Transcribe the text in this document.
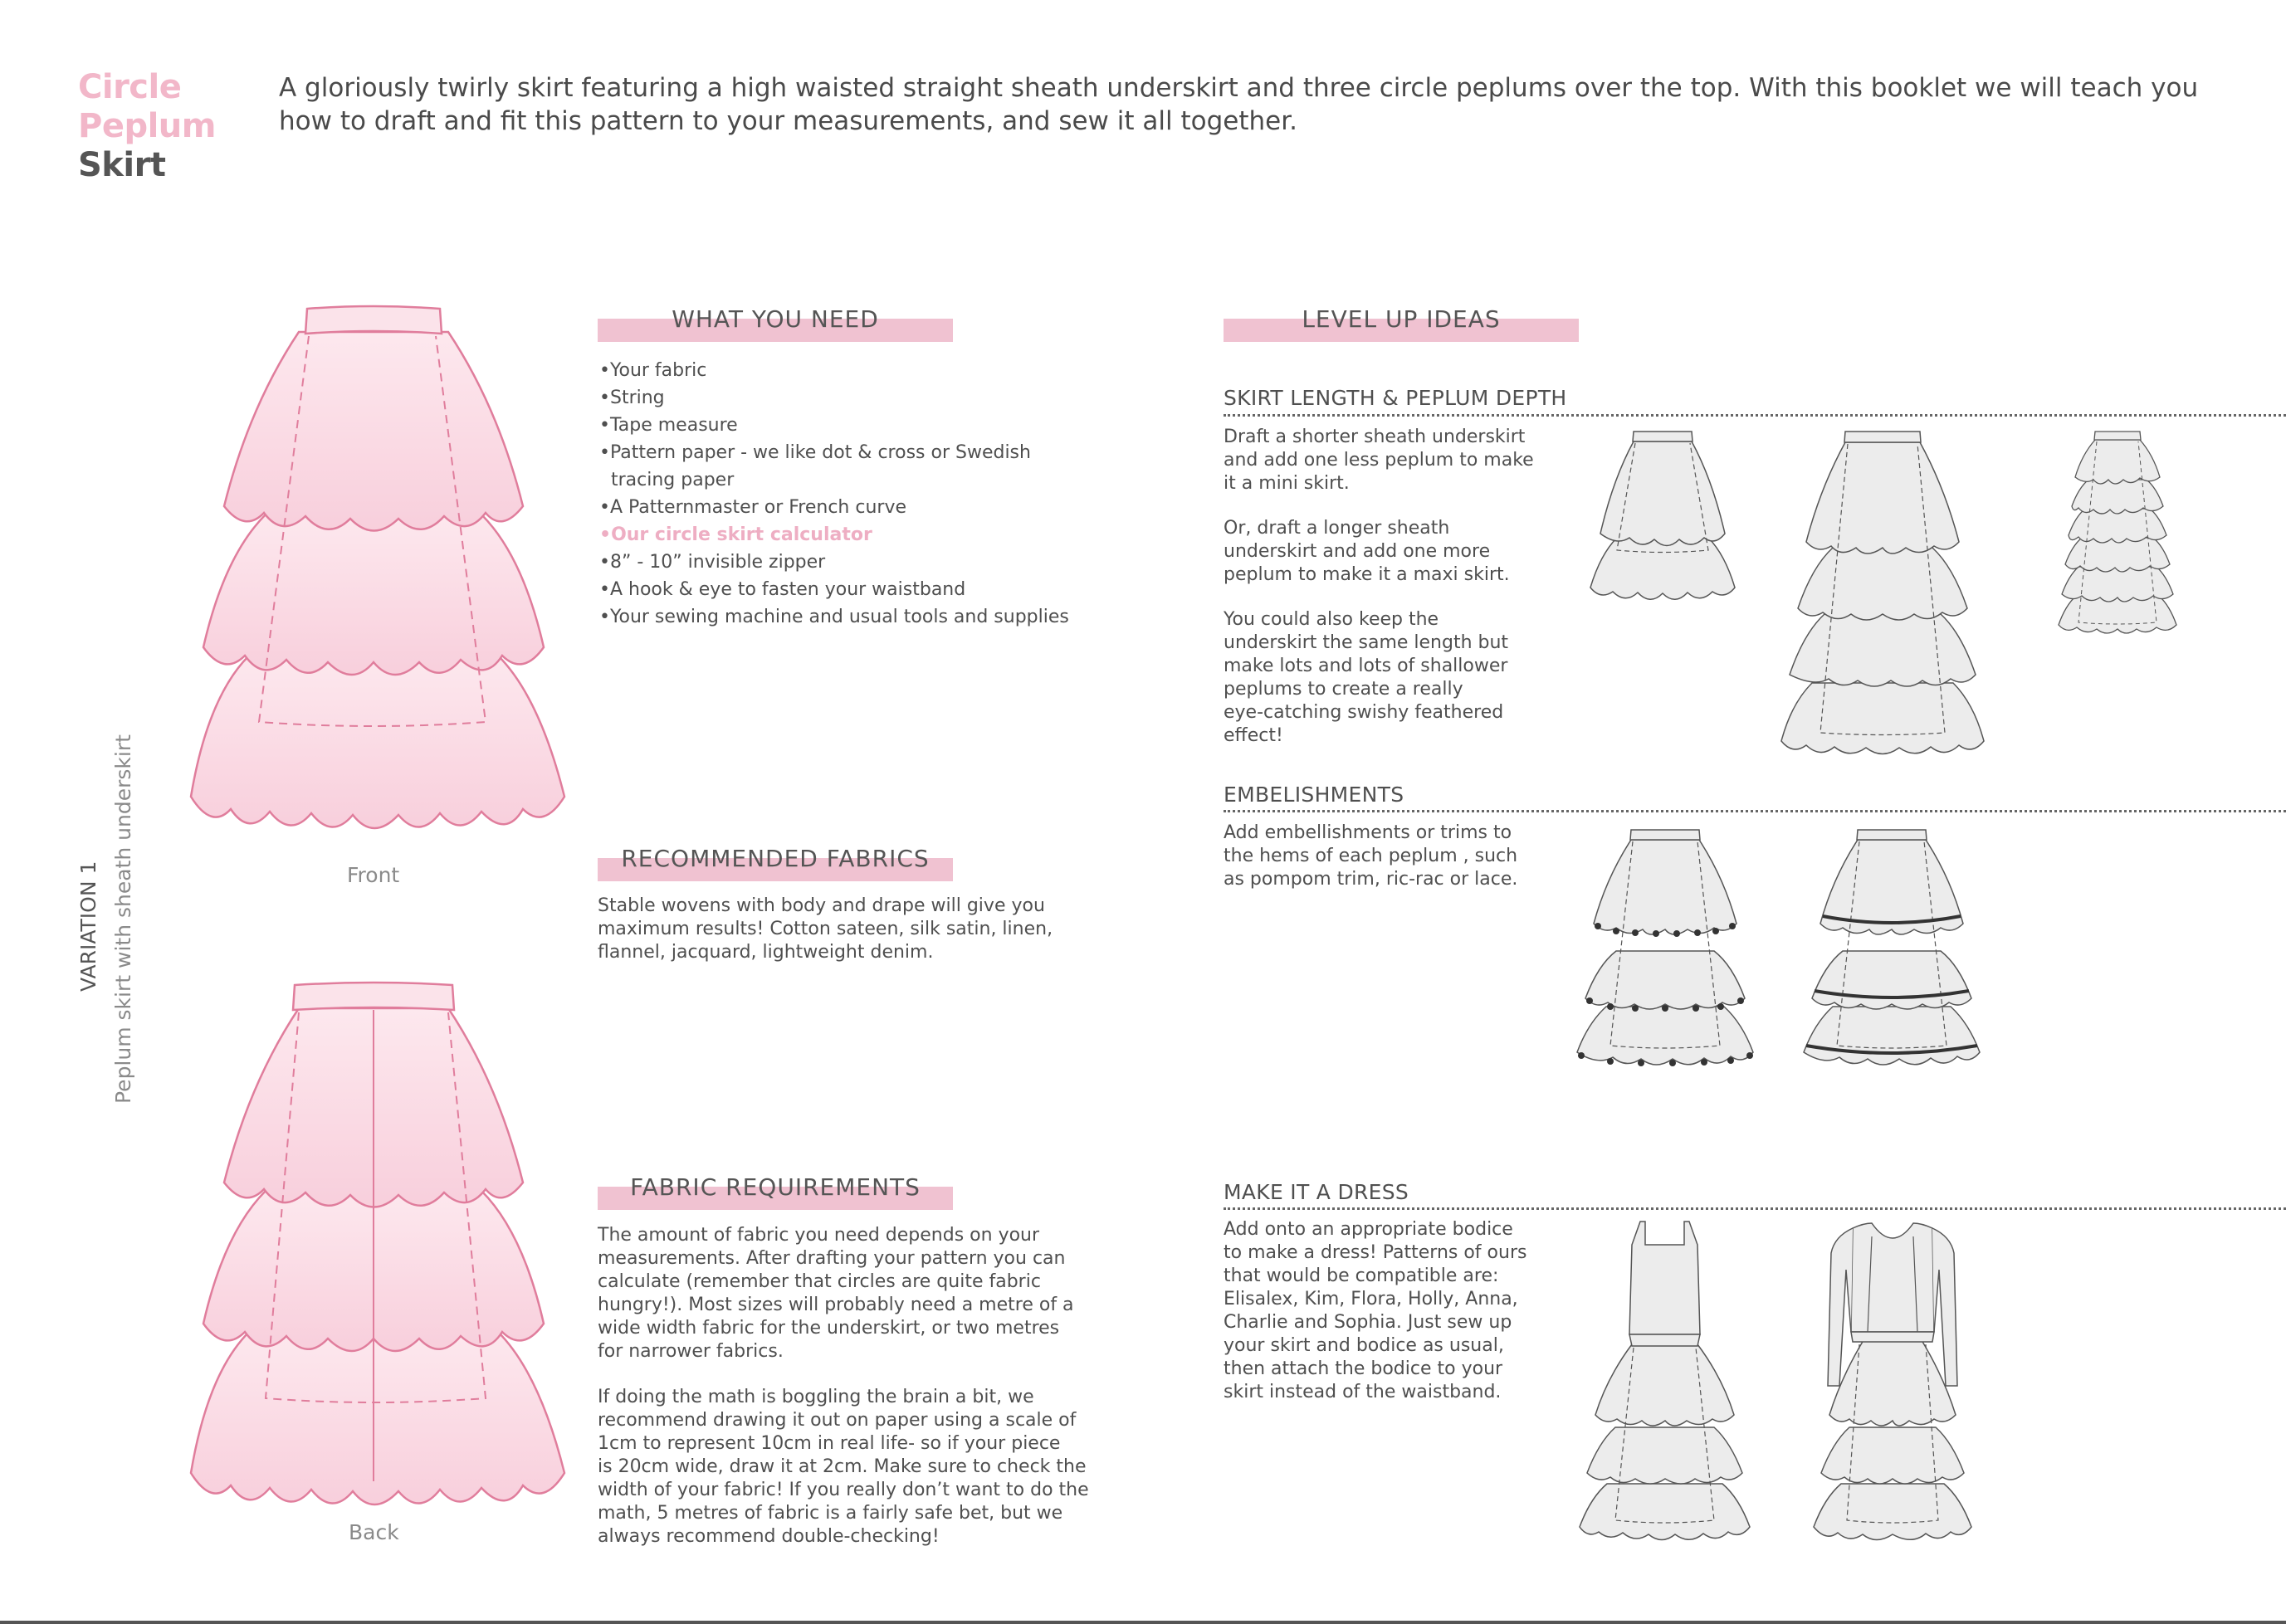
Circle
Peplum
Skirt
A gloriously twirly skirt featuring a high waisted straight sheath underskirt and three circle peplums over the top. With this booklet we will teach you how to draft and fit this pattern to your measurements, and sew it all together.
VARIATION 1 Peplum skirt with sheath underskirt	Front
Back
WHAT YOU NEED
•Your fabric
•String
•Tape measure
•Pattern paper - we like dot & cross or Swedish
tracing paper
•A Patternmaster or French curve
•Our circle skirt calculator
•8” - 10” invisible zipper
•A hook & eye to fasten your waistband
•Your sewing machine and usual tools and supplies
RECOMMENDED FABRICS
Stable wovens with body and drape will give you
maximum results! Cotton sateen, silk satin, linen,
flannel, jacquard, lightweight denim.
FABRIC REQUIREMENTS
The amount of fabric you need depends on your
measurements. After drafting your pattern you can
calculate (remember that circles are quite fabric
hungry!). Most sizes will probably need a metre of a
wide width fabric for the underskirt, or two metres
for narrower fabrics.
If doing the math is boggling the brain a bit, we
recommend drawing it out on paper using a scale of
1cm to represent 10cm in real life- so if your piece
is 20cm wide, draw it at 2cm. Make sure to check the
width of your fabric! If you really don’t want to do the
math, 5 metres of fabric is a fairly safe bet, but we
always recommend double-checking!
LEVEL UP IDEAS
SKIRT LENGTH & PEPLUM DEPTH
Draft a shorter sheath underskirt
and add one less peplum to make
it a mini skirt.
Or, draft a longer sheath
underskirt and add one more
peplum to make it a maxi skirt.
You could also keep the
underskirt the same length but
make lots and lots of shallower
peplums to create a really
eye-catching swishy feathered
effect!
EMBELISHMENTS
Add embellishments or trims to
the hems of each peplum , such
as pompom trim, ric-rac or lace.
MAKE IT A DRESS
Add onto an appropriate bodice
to make a dress! Patterns of ours
that would be compatible are:
Elisalex, Kim, Flora, Holly, Anna,
Charlie and Sophia. Just sew up
your skirt and bodice as usual,
then attach the bodice to your
skirt instead of the waistband.
